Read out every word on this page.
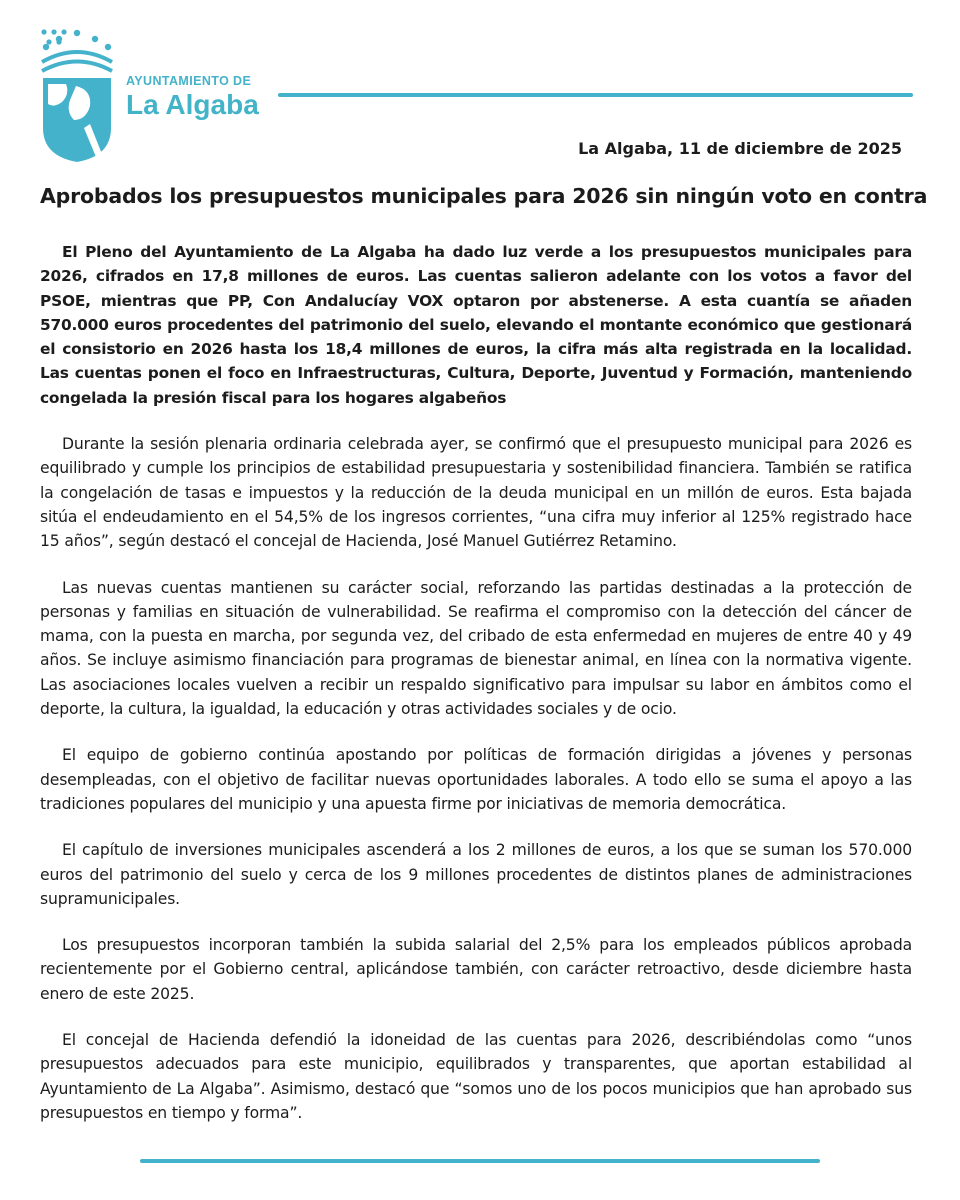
AYUNTAMIENTO DE
La Algaba
La Algaba, 11 de diciembre de 2025
Aprobados los presupuestos municipales para 2026 sin ningún voto en contra

El Pleno del Ayuntamiento de La Algaba ha dado luz verde a los presupuestos municipales para 2026, cifrados en 17,8 millones de euros. Las cuentas salieron adelante con los votos a favor del PSOE, mientras que PP, Con Andalucíay VOX optaron por abstenerse. A esta cuantía se añaden 570.000 euros procedentes del patrimonio del suelo, elevando el montante económico que gestionará el consistorio en 2026 hasta los 18,4 millones de euros, la cifra más alta registrada en la localidad. Las cuentas ponen el foco en Infraestructuras, Cultura, Deporte, Juventud y Formación, manteniendo congelada la presión fiscal para los hogares algabeños

Durante la sesión plenaria ordinaria celebrada ayer, se confirmó que el presupuesto municipal para 2026 es equilibrado y cumple los principios de estabilidad presupuestaria y sostenibilidad financiera. También se ratifica la congelación de tasas e impuestos y la reducción de la deuda municipal en un millón de euros. Esta bajada sitúa el endeudamiento en el 54,5% de los ingresos corrientes, “una cifra muy inferior al 125% registrado hace 15 años”, según destacó el concejal de Hacienda, José Manuel Gutiérrez Retamino.

Las nuevas cuentas mantienen su carácter social, reforzando las partidas destinadas a la protección de personas y familias en situación de vulnerabilidad. Se reafirma el compromiso con la detección del cáncer de mama, con la puesta en marcha, por segunda vez, del cribado de esta enfermedad en mujeres de entre 40 y 49 años. Se incluye asimismo financiación para programas de bienestar animal, en línea con la normativa vigente. Las asociaciones locales vuelven a recibir un respaldo significativo para impulsar su labor en ámbitos como el deporte, la cultura, la igualdad, la educación y otras actividades sociales y de ocio.

El equipo de gobierno continúa apostando por políticas de formación dirigidas a jóvenes y personas desempleadas, con el objetivo de facilitar nuevas oportunidades laborales. A todo ello se suma el apoyo a las tradiciones populares del municipio y una apuesta firme por iniciativas de memoria democrática.

El capítulo de inversiones municipales ascenderá a los 2 millones de euros, a los que se suman los 570.000 euros del patrimonio del suelo y cerca de los 9 millones procedentes de distintos planes de administraciones supramunicipales.

Los presupuestos incorporan también la subida salarial del 2,5% para los empleados públicos aprobada recientemente por el Gobierno central, aplicándose también, con carácter retroactivo, desde diciembre hasta enero de este 2025.

El concejal de Hacienda defendió la idoneidad de las cuentas para 2026, describiéndolas como “unos presupuestos adecuados para este municipio, equilibrados y transparentes, que aportan estabilidad al Ayuntamiento de La Algaba”. Asimismo, destacó que “somos uno de los pocos municipios que han aprobado sus presupuestos en tiempo y forma”.
